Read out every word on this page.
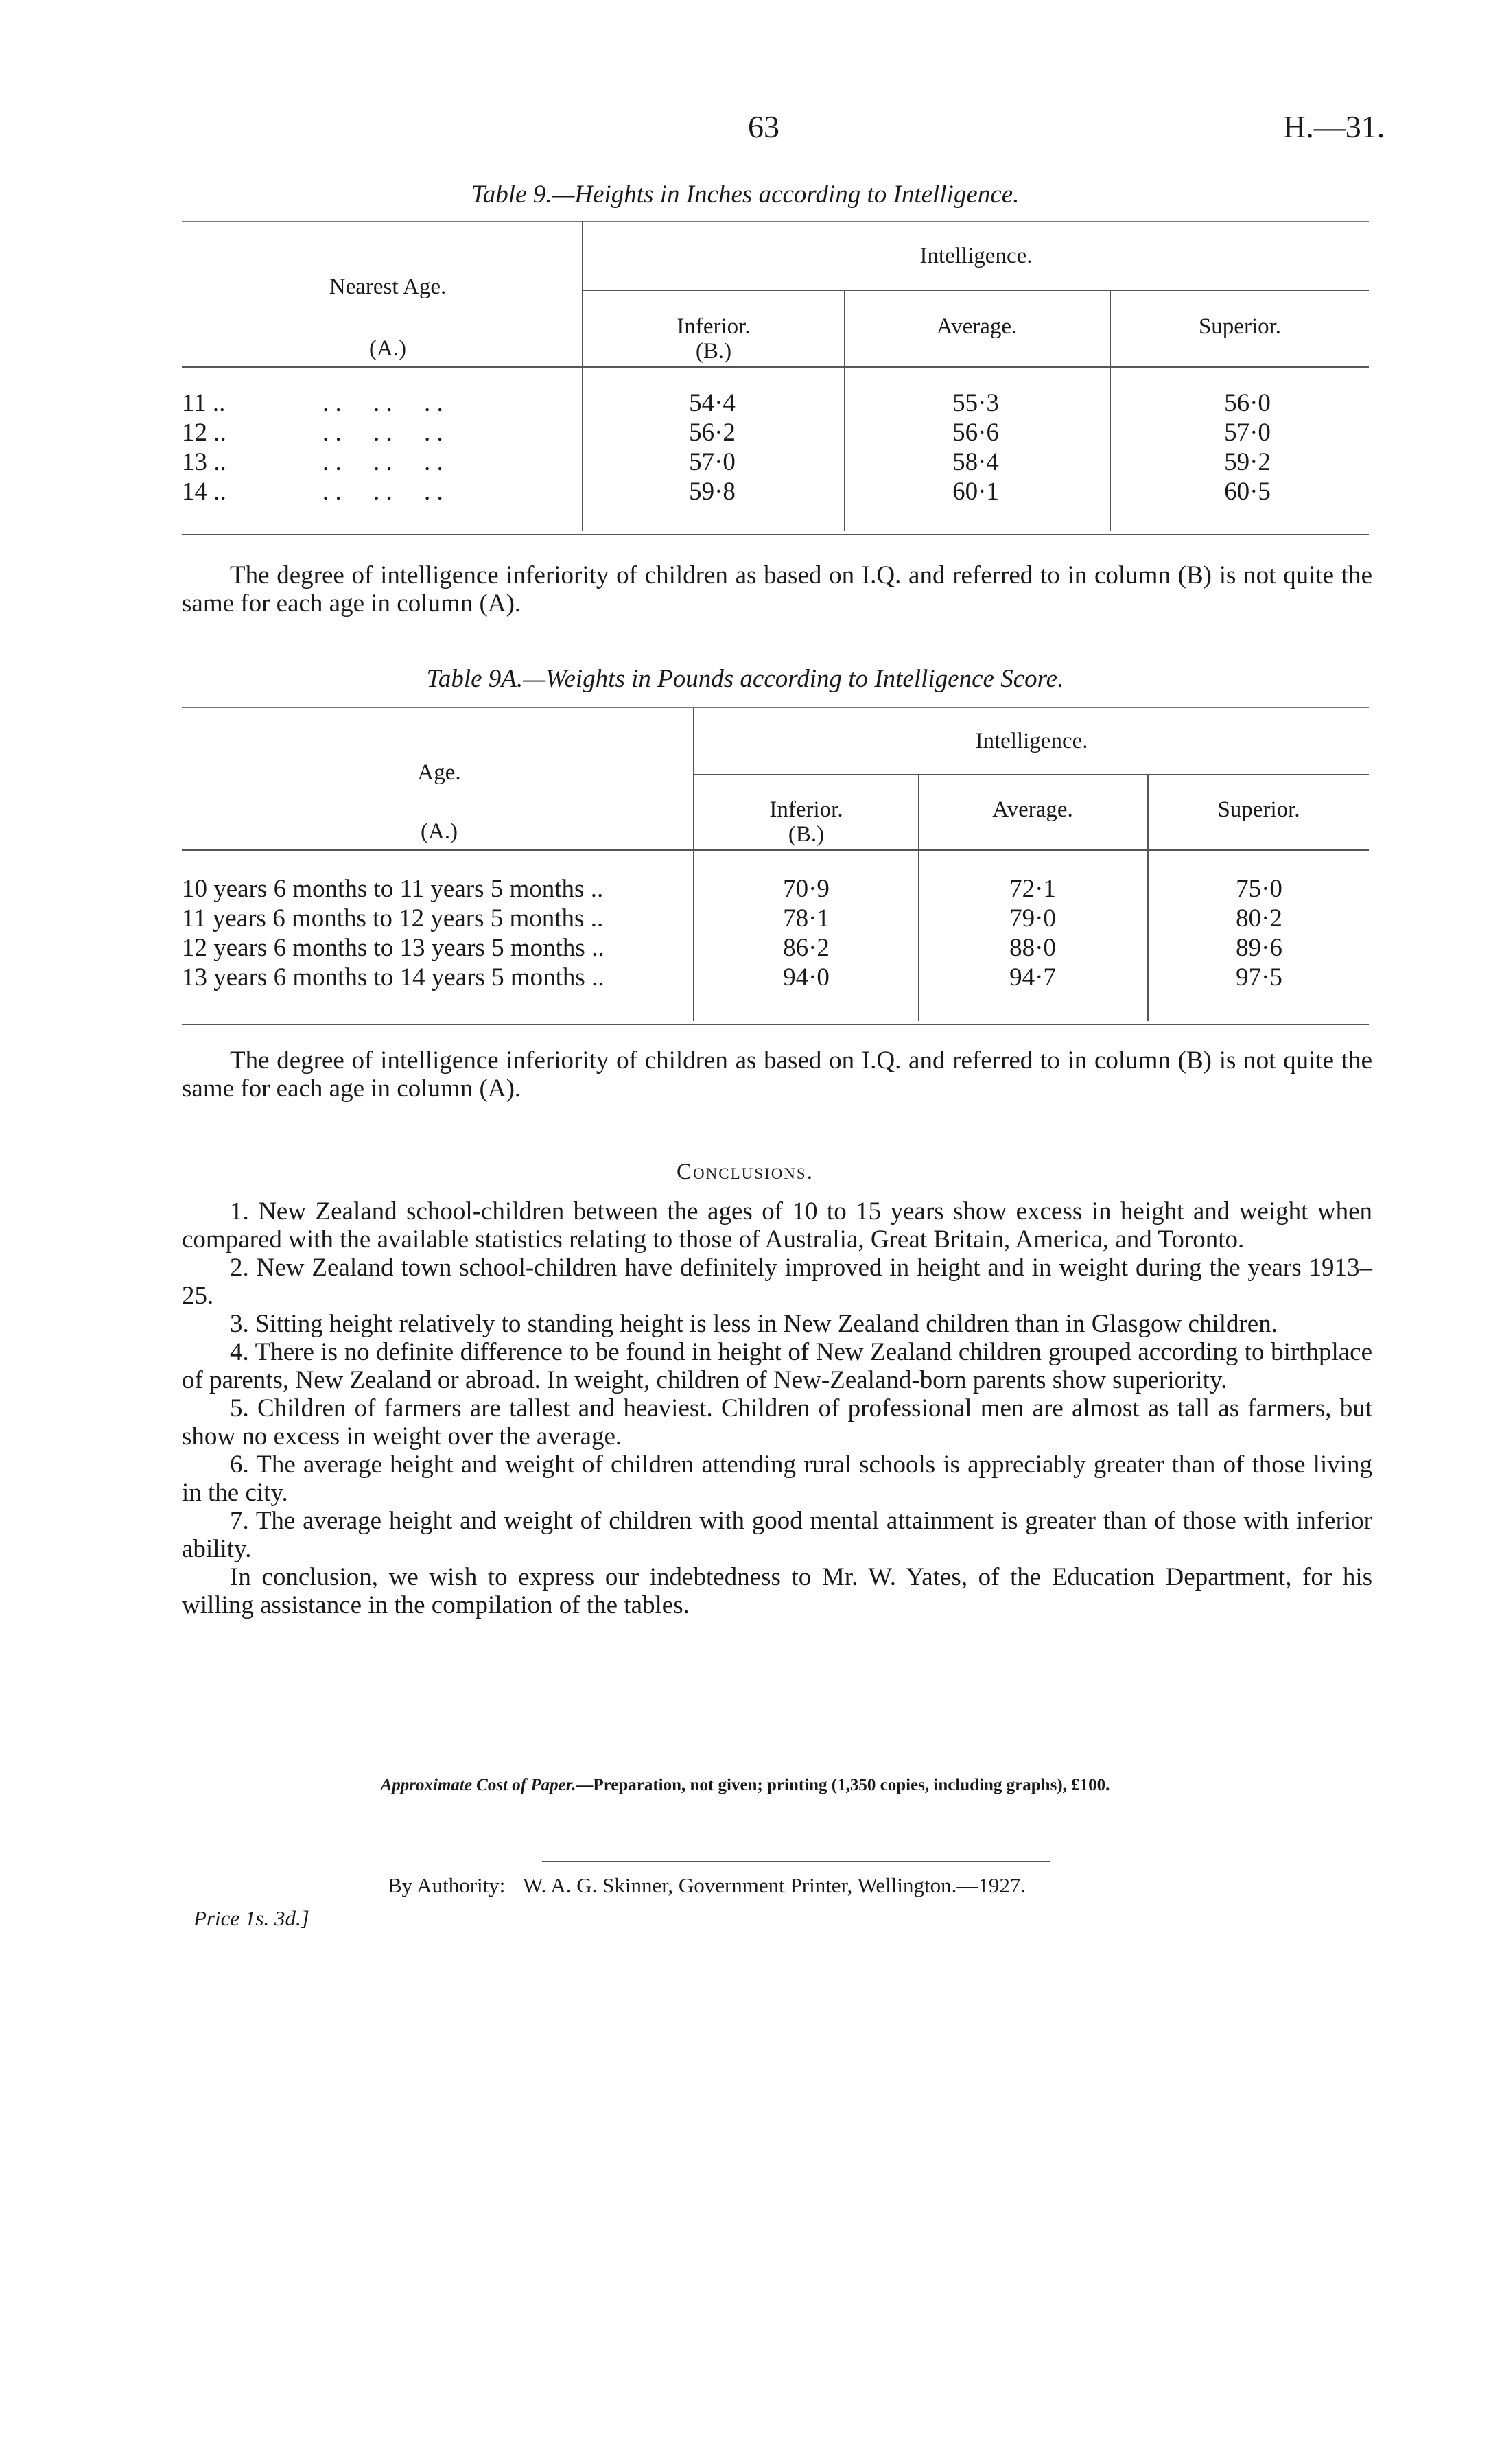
63	H.—31.
Table 9.—Heights in Inches according to Intelligence.
Nearest Age.
(A.)
Intelligence.
Inferior.
(B.)
Average.	Superior.
11 ..	. .     . .     . .	54·4	55·3	56·0
12 ..	. .     . .     . .	56·2	56·6	57·0
13 ..	. .     . .     . .	57·0	58·4	59·2
14 ..	. .     . .     . .	59·8	60·1	60·5
The degree of intelligence inferiority of children as based on I.Q. and referred to in column (B) is not quite the same for each age in column (A).
Table 9A.—Weights in Pounds according to Intelligence Score.
Age.
(A.)
Intelligence.
Inferior.
(B.)
Average.	Superior.
10 years 6 months to 11 years 5 months ..	70·9	72·1	75·0
11 years 6 months to 12 years 5 months ..	78·1	79·0	80·2
12 years 6 months to 13 years 5 months ..	86·2	88·0	89·6
13 years 6 months to 14 years 5 months ..	94·0	94·7	97·5
The degree of intelligence inferiority of children as based on I.Q. and referred to in column (B) is not quite the same for each age in column (A).
Conclusions.
1. New Zealand school-children between the ages of 10 to 15 years show excess in height and weight when compared with the available statistics relating to those of Australia, Great Britain, America, and Toronto.
2. New Zealand town school-children have definitely improved in height and in weight during the years 1913–25.
3. Sitting height relatively to standing height is less in New Zealand children than in Glasgow children.
4. There is no definite difference to be found in height of New Zealand children grouped according to birthplace of parents, New Zealand or abroad. In weight, children of New-Zealand-born parents show superiority.
5. Children of farmers are tallest and heaviest. Children of professional men are almost as tall as farmers, but show no excess in weight over the average.
6. The average height and weight of children attending rural schools is appreciably greater than of those living in the city.
7. The average height and weight of children with good mental attainment is greater than of those with inferior ability.
In conclusion, we wish to express our indebtedness to Mr. W. Yates, of the Education Department, for his willing assistance in the compilation of the tables.
Approximate Cost of Paper.—Preparation, not given; printing (1,350 copies, including graphs), £100.
By Authority: W. A. G. Skinner, Government Printer, Wellington.—1927.
Price 1s. 3d.]
